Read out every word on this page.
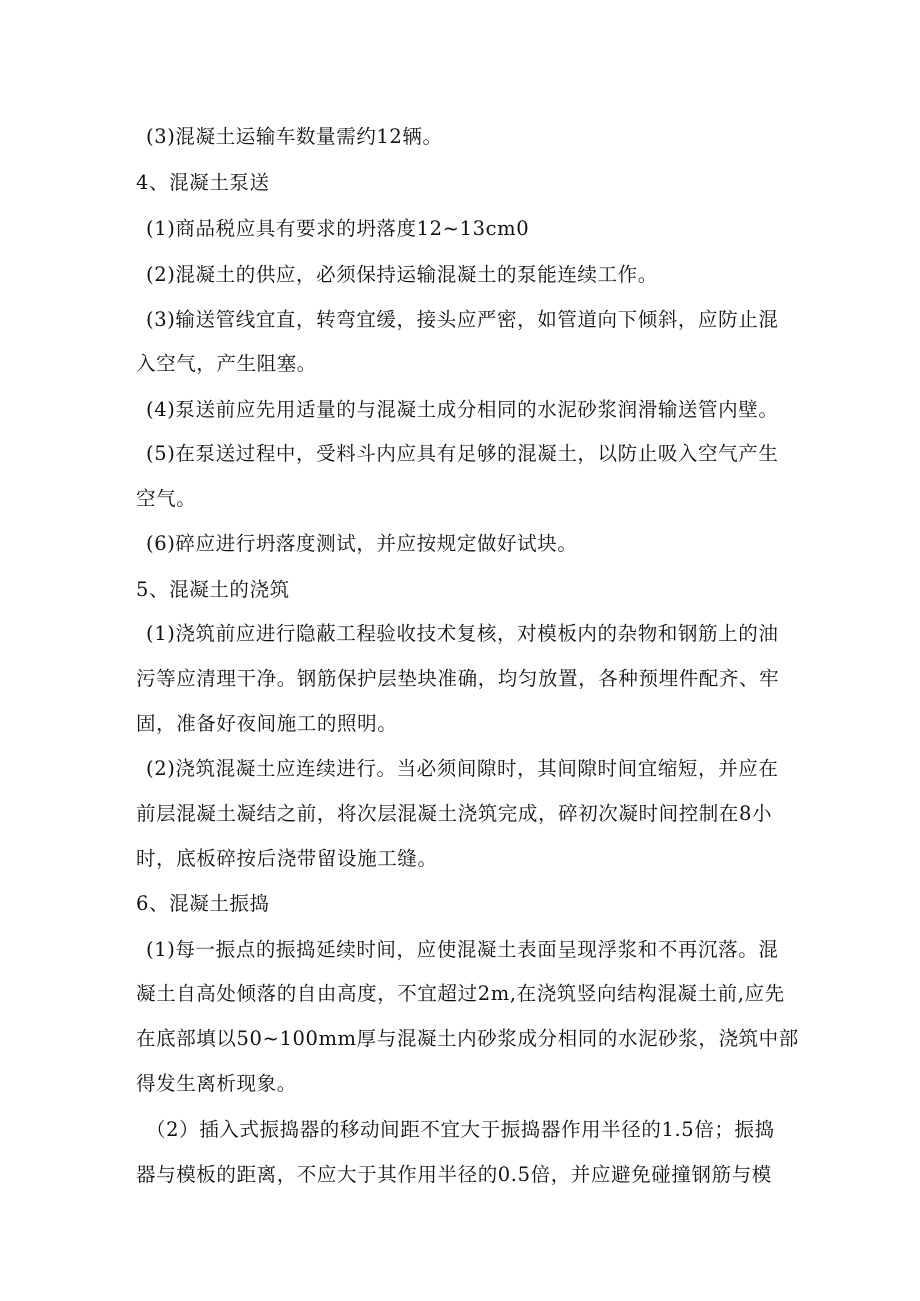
(3)混凝土运输车数量需约12辆。
4、混凝土泵送
(1)商品税应具有要求的坍落度12~13cm0
(2)混凝土的供应，必须保持运输混凝土的泵能连续工作。
(3)输送管线宜直，转弯宜缓，接头应严密，如管道向下倾斜，应防止混
入空气，产生阻塞。
(4)泵送前应先用适量的与混凝土成分相同的水泥砂浆润滑输送管内壁。
(5)在泵送过程中，受料斗内应具有足够的混凝土，以防止吸入空气产生
空气。
(6)碎应进行坍落度测试，并应按规定做好试块。
5、混凝土的浇筑
(1)浇筑前应进行隐蔽工程验收技术复核，对模板内的杂物和钢筋上的油
污等应清理干净。钢筋保护层垫块准确，均匀放置，各种预埋件配齐、牢
固，准备好夜间施工的照明。
(2)浇筑混凝土应连续进行。当必须间隙时，其间隙时间宜缩短，并应在
前层混凝土凝结之前，将次层混凝土浇筑完成，碎初次凝时间控制在8小
时，底板碎按后浇带留设施工缝。
6、混凝土振捣
(1)每一振点的振捣延续时间，应使混凝土表面呈现浮浆和不再沉落。混
凝土自高处倾落的自由高度，不宜超过2m,在浇筑竖向结构混凝土前,应先
在底部填以50~100mm厚与混凝土内砂浆成分相同的水泥砂浆，浇筑中部
得发生离析现象。
（2）插入式振捣器的移动间距不宜大于振捣器作用半径的1.5倍；振捣
器与模板的距离，不应大于其作用半径的0.5倍，并应避免碰撞钢筋与模
